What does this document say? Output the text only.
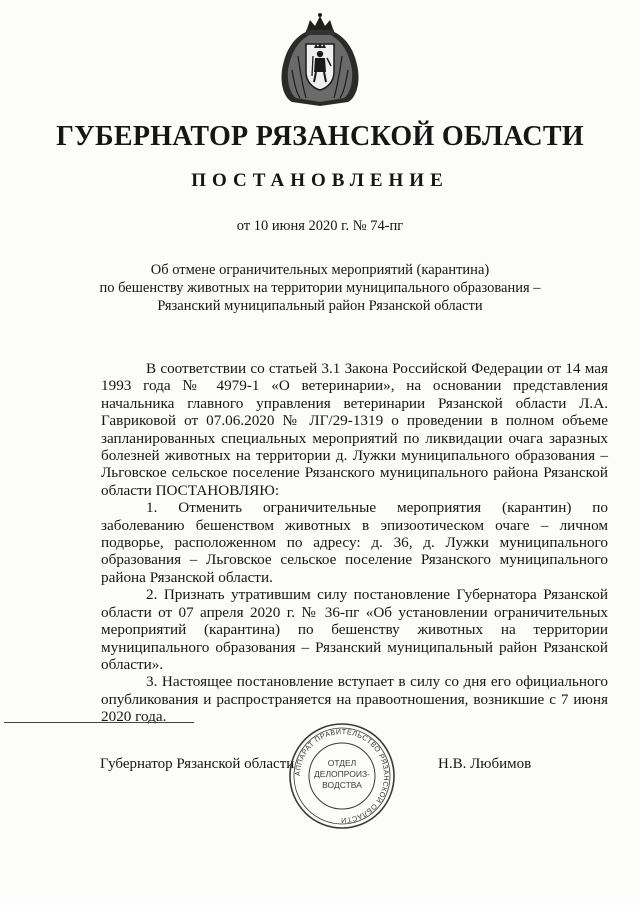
ГУБЕРНАТОР РЯЗАНСКОЙ ОБЛАСТИ
ПОСТАНОВЛЕНИЕ
от 10 июня 2020 г. № 74-пг
Об отмене ограничительных мероприятий (карантина)
по бешенству животных на территории муниципального образования –
Рязанский муниципальный район Рязанской области

В соответствии со статьей 3.1 Закона Российской Федерации от 14 мая 1993 года № 4979-1 «О ветеринарии», на основании представления начальника главного управления ветеринарии Рязанской области Л.А. Гавриковой от 07.06.2020 № ЛГ/29-1319 о проведении в полном объеме запланированных специальных мероприятий по ликвидации очага заразных болезней животных на территории д. Лужки муниципального образования – Льговское сельское поселение Рязанского муниципального района Рязанской области ПОСТАНОВЛЯЮ:

1. Отменить ограничительные мероприятия (карантин) по заболеванию бешенством животных в эпизоотическом очаге – личном подворье, расположенном по адресу: д. 36, д. Лужки муниципального образования – Льговское сельское поселение Рязанского муниципального района Рязанской области.

2. Признать утратившим силу постановление Губернатора Рязанской области от 07 апреля 2020 г. № 36-пг «Об установлении ограничительных мероприятий (карантина) по бешенству животных на территории муниципального образования – Рязанский муниципальный район Рязанской области».

3. Настоящее постановление вступает в силу со дня его официального опубликования и распространяется на правоотношения, возникшие с 7 июня 2020 года.

Губернатор Рязанской области	Н.В. Любимов
АППАРАТ ПРАВИТЕЛЬСТВО РЯЗАНСКОЙ ОБЛАСТИ
ОТДЕЛ
ДЕЛОПРОИЗ-
ВОДСТВА
